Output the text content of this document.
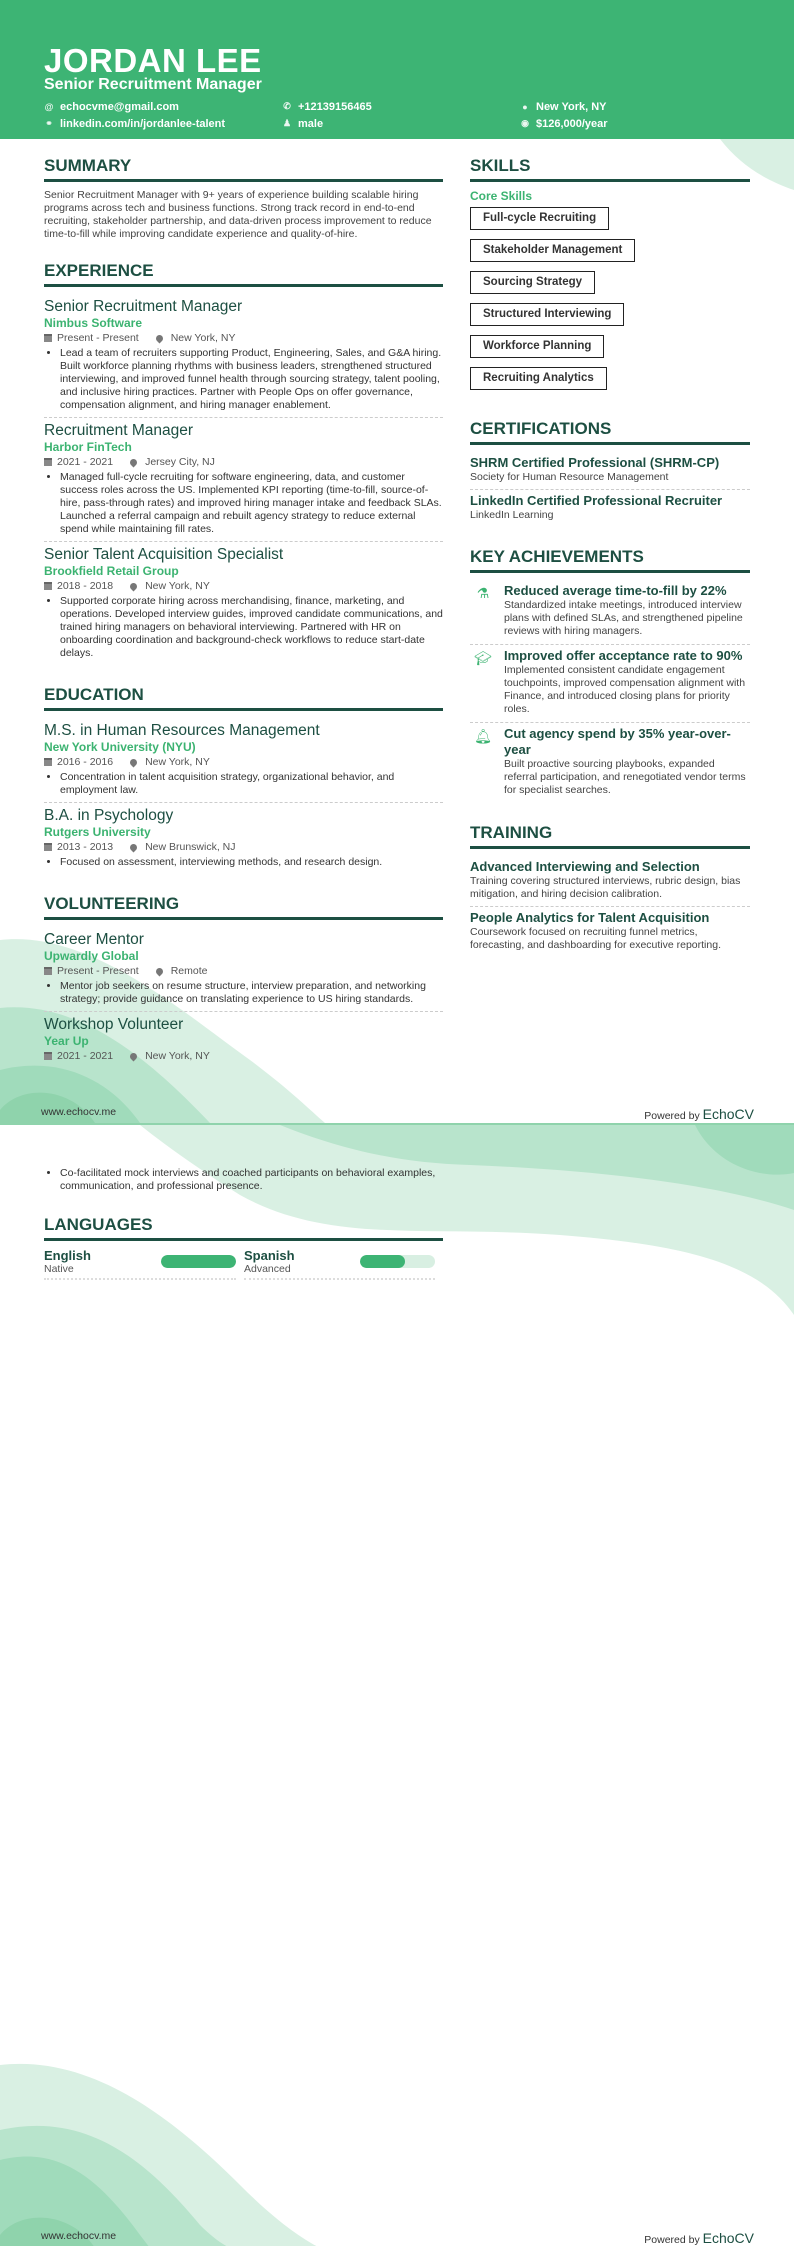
JORDAN LEE
Senior Recruitment Manager
@ echocvme@gmail.com	✆ +12139156465	● New York, NY
⚭ linkedin.com/in/jordanlee-talent	♟ male	◉ $126,000/year
SUMMARY
Senior Recruitment Manager with 9+ years of experience building scalable hiring programs across tech and business functions. Strong track record in end-to-end recruiting, stakeholder partnership, and data-driven process improvement to reduce time-to-fill while improving candidate experience and quality-of-hire.
EXPERIENCE
Senior Recruitment Manager
Nimbus Software
Present - Present	New York, NY
• Lead a team of recruiters supporting Product, Engineering, Sales, and G&A hiring. Built workforce planning rhythms with business leaders, strengthened structured interviewing, and improved funnel health through sourcing strategy, talent pooling, and inclusive hiring practices. Partner with People Ops on offer governance, compensation alignment, and hiring manager enablement.
Recruitment Manager
Harbor FinTech
2021 - 2021	Jersey City, NJ
• Managed full-cycle recruiting for software engineering, data, and customer success roles across the US. Implemented KPI reporting (time-to-fill, source-of-hire, pass-through rates) and improved hiring manager intake and feedback SLAs. Launched a referral campaign and rebuilt agency strategy to reduce external spend while maintaining fill rates.
Senior Talent Acquisition Specialist
Brookfield Retail Group
2018 - 2018	New York, NY
• Supported corporate hiring across merchandising, finance, marketing, and operations. Developed interview guides, improved candidate communications, and trained hiring managers on behavioral interviewing. Partnered with HR on onboarding coordination and background-check workflows to reduce start-date delays.
EDUCATION
M.S. in Human Resources Management
New York University (NYU)
2016 - 2016	New York, NY
• Concentration in talent acquisition strategy, organizational behavior, and employment law.
B.A. in Psychology
Rutgers University
2013 - 2013	New Brunswick, NJ
• Focused on assessment, interviewing methods, and research design.
VOLUNTEERING
Career Mentor
Upwardly Global
Present - Present	Remote
• Mentor job seekers on resume structure, interview preparation, and networking strategy; provide guidance on translating experience to US hiring standards.
Workshop Volunteer
Year Up
2021 - 2021	New York, NY
SKILLS
Core Skills
Full-cycle Recruiting
Stakeholder Management
Sourcing Strategy
Structured Interviewing
Workforce Planning
Recruiting Analytics
CERTIFICATIONS
SHRM Certified Professional (SHRM-CP)
Society for Human Resource Management
LinkedIn Certified Professional Recruiter
LinkedIn Learning
KEY ACHIEVEMENTS
⚗	Reduced average time-to-fill by 22%
Standardized intake meetings, introduced interview plans with defined SLAs, and strengthened pipeline reviews with hiring managers.
🎓︎ Improved offer acceptance rate to 90%
Implemented consistent candidate engagement touchpoints, improved compensation alignment with Finance, and introduced closing plans for priority roles.
🔔︎ Cut agency spend by 35% year-over-year
Built proactive sourcing playbooks, expanded referral participation, and renegotiated vendor terms for specialist searches.
TRAINING
Advanced Interviewing and Selection
Training covering structured interviews, rubric design, bias mitigation, and hiring decision calibration.
People Analytics for Talent Acquisition
Coursework focused on recruiting funnel metrics, forecasting, and dashboarding for executive reporting.
www.echocv.me	Powered by EchoCV
• Co-facilitated mock interviews and coached participants on behavioral examples, communication, and professional presence.
LANGUAGES
English
Native
Spanish
Advanced
www.echocv.me	Powered by EchoCV
